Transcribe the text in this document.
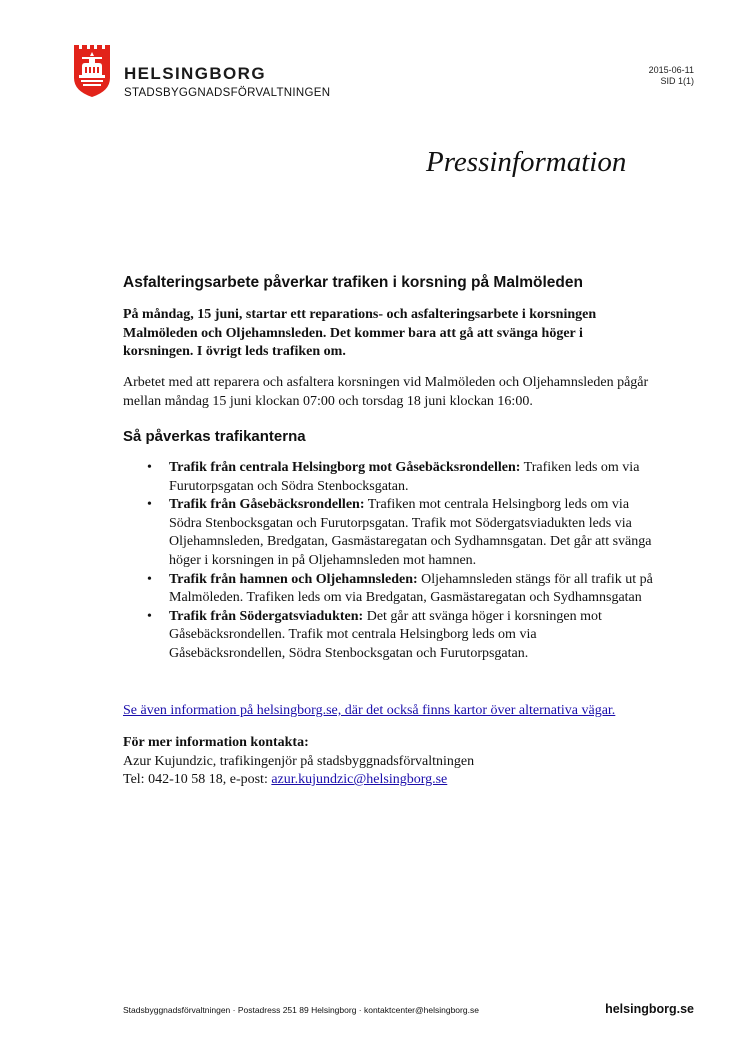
HELSINGBORG
STADSBYGGNADSFÖRVALTNINGEN
2015-06-11
SID 1(1)
Pressinformation
Asfalteringsarbete påverkar trafiken i korsning på Malmöleden
På måndag, 15 juni, startar ett reparations- och asfalteringsarbete i korsningen Malmöleden och Oljehamnsleden. Det kommer bara att gå att svänga höger i korsningen. I övrigt leds trafiken om.
Arbetet med att reparera och asfaltera korsningen vid Malmöleden och Oljehamnsleden pågår mellan måndag 15 juni klockan 07:00 och torsdag 18 juni klockan 16:00.
Så påverkas trafikanterna
• Trafik från centrala Helsingborg mot Gåsebäcksrondellen: Trafiken leds om via Furutorpsgatan och Södra Stenbocksgatan.
• Trafik från Gåsebäcksrondellen: Trafiken mot centrala Helsingborg leds om via Södra Stenbocksgatan och Furutorpsgatan. Trafik mot Södergatsviadukten leds via Oljehamnsleden, Bredgatan, Gasmästaregatan och Sydhamnsgatan. Det går att svänga höger i korsningen in på Oljehamnsleden mot hamnen.
• Trafik från hamnen och Oljehamnsleden: Oljehamnsleden stängs för all trafik ut på Malmöleden. Trafiken leds om via Bredgatan, Gasmästaregatan och Sydhamnsgatan
• Trafik från Södergatsviadukten: Det går att svänga höger i korsningen mot Gåsebäcksrondellen. Trafik mot centrala Helsingborg leds om via Gåsebäcksrondellen, Södra Stenbocksgatan och Furutorpsgatan.
Se även information på helsingborg.se, där det också finns kartor över alternativa vägar.
För mer information kontakta:
Azur Kujundzic, trafikingenjör på stadsbyggnadsförvaltningen
Tel: 042-10 58 18, e-post: azur.kujundzic@helsingborg.se
Stadsbyggnadsförvaltningen · Postadress 251 89 Helsingborg · kontaktcenter@helsingborg.se	helsingborg.se
